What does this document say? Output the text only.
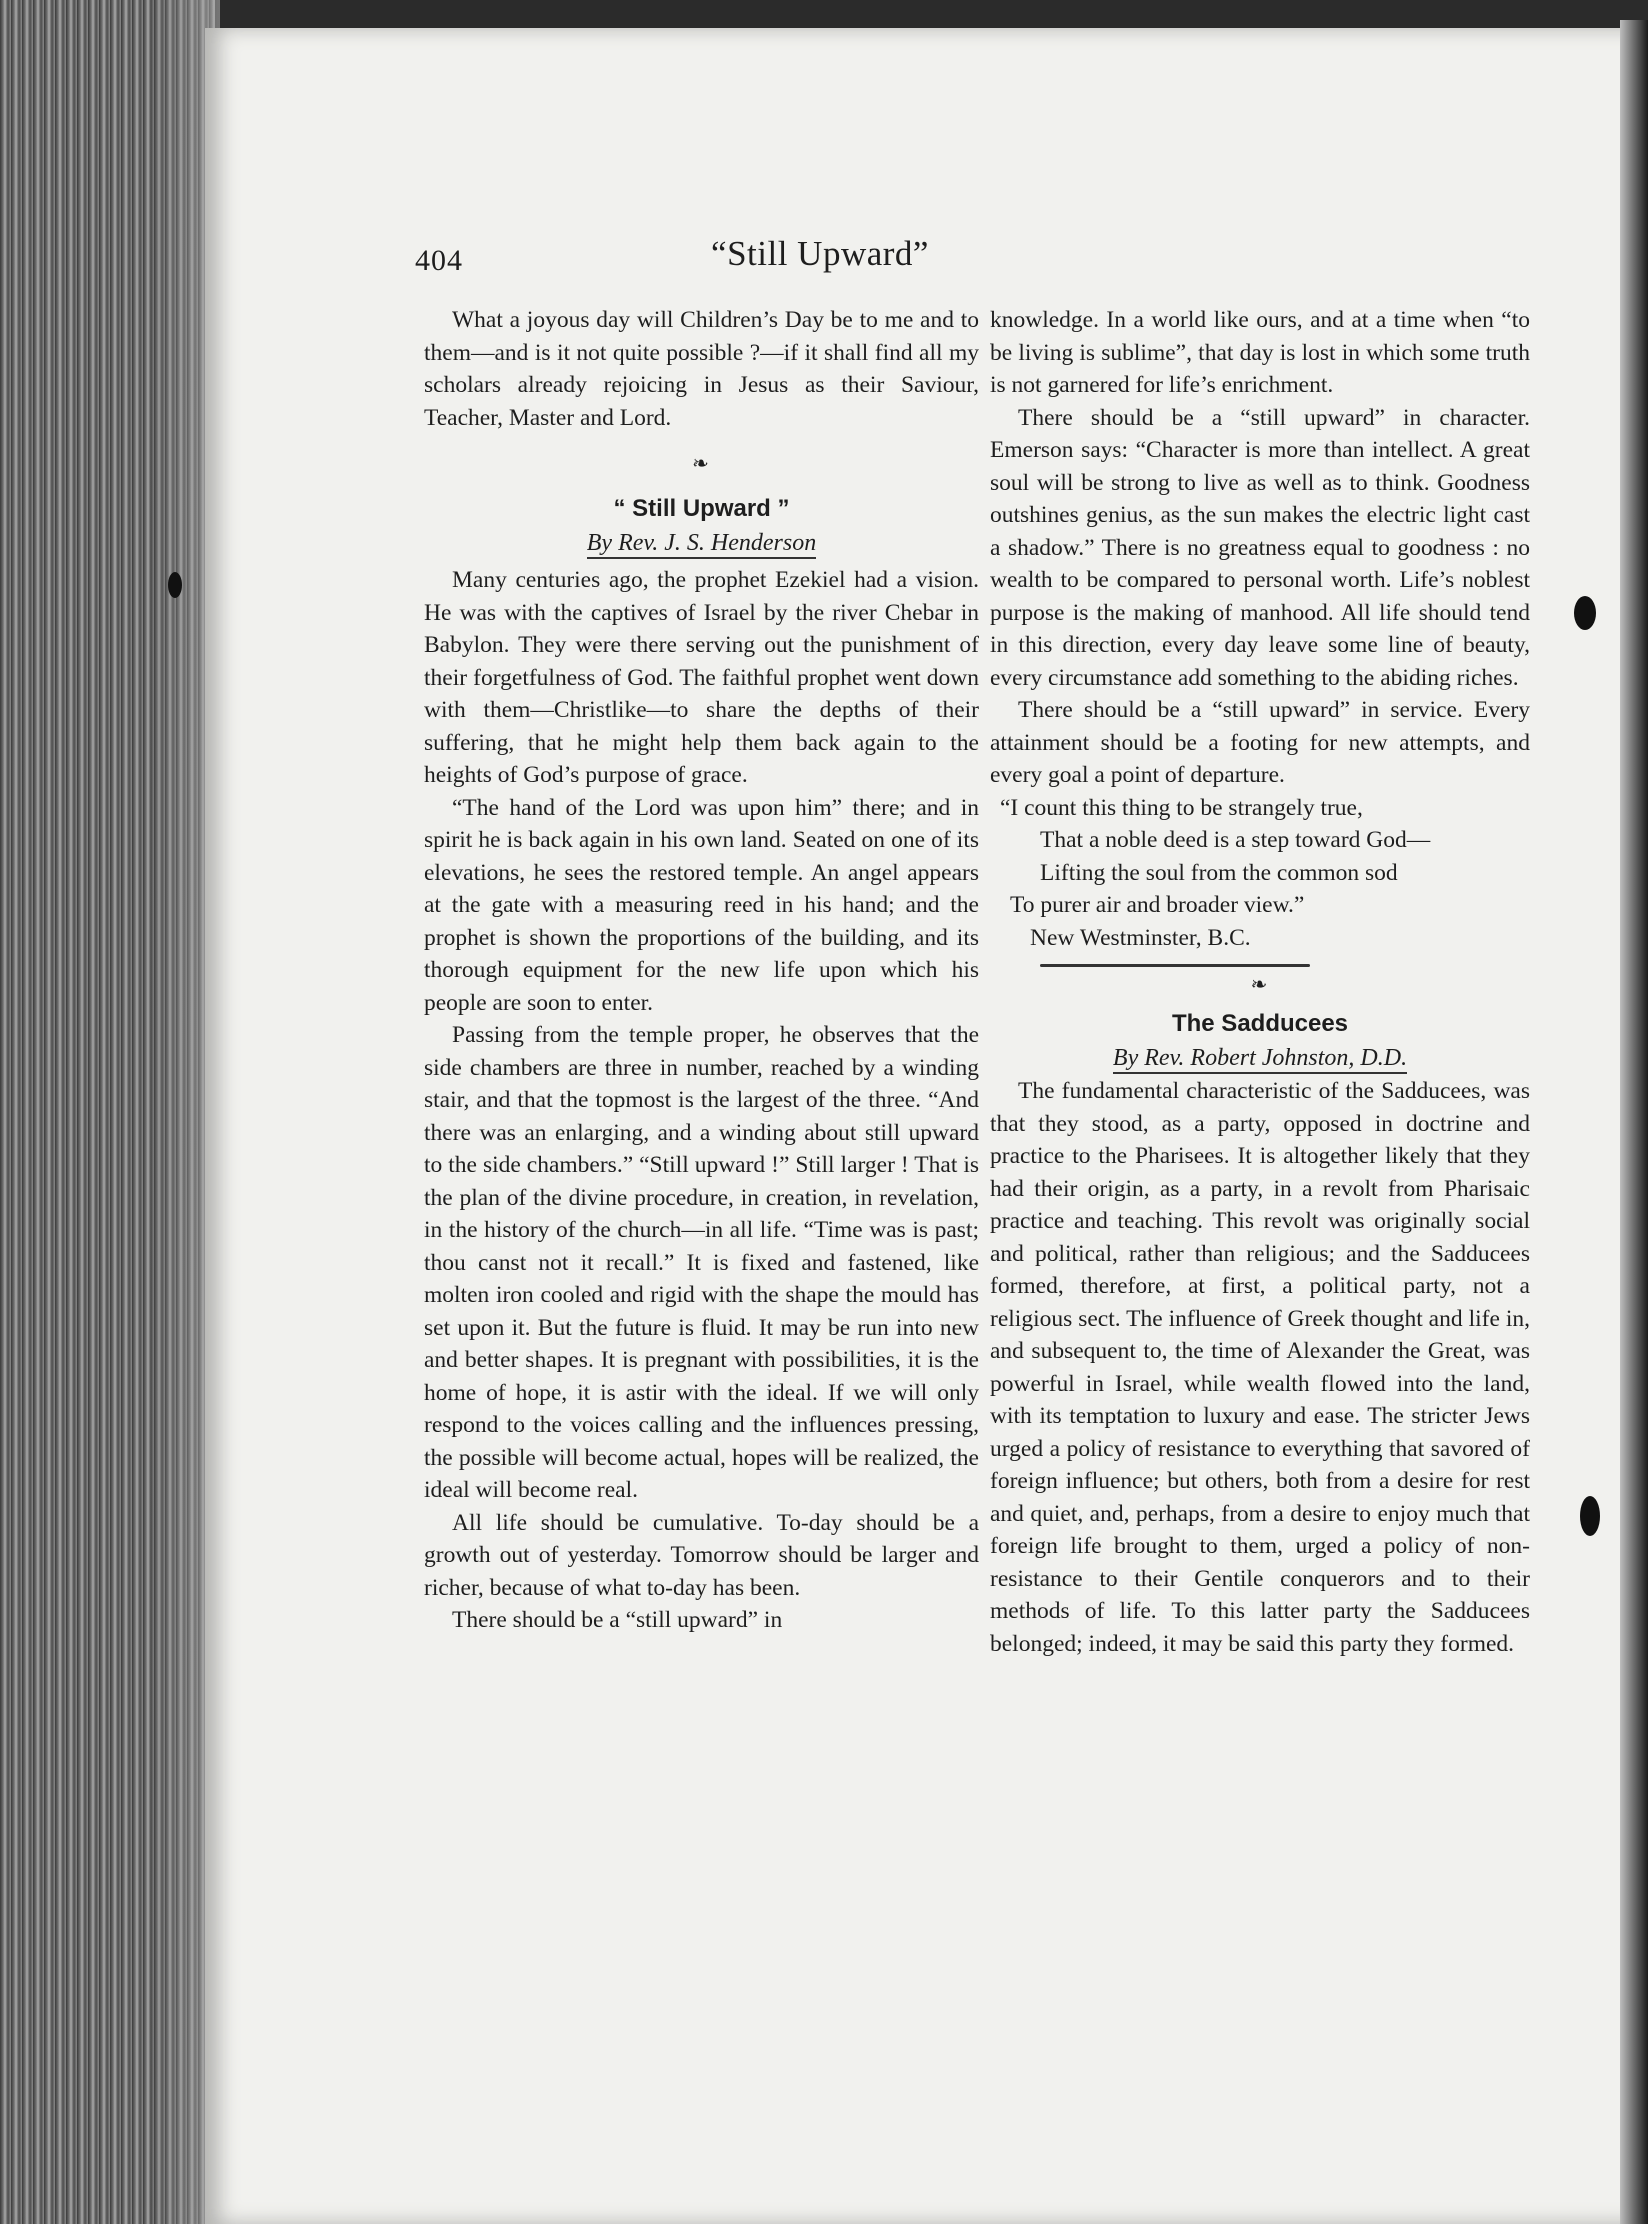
404	“Still Upward”

What a joyous day will Children’s Day be to me and to them—and is it not quite possible ?—if it shall find all my scholars already rejoicing in Jesus as their Saviour, Teacher, Master and Lord.

❧
“ Still Upward ”
By Rev. J. S. Henderson

Many centuries ago, the prophet Ezekiel had a vision. He was with the captives of Israel by the river Chebar in Babylon. They were there serving out the punishment of their forgetfulness of God. The faithful prophet went down with them—Christlike—to share the depths of their suffering, that he might help them back again to the heights of God’s purpose of grace.

“The hand of the Lord was upon him” there; and in spirit he is back again in his own land. Seated on one of its elevations, he sees the restored temple. An angel appears at the gate with a measuring reed in his hand; and the prophet is shown the proportions of the building, and its thorough equipment for the new life upon which his people are soon to enter.

Passing from the temple proper, he observes that the side chambers are three in number, reached by a winding stair, and that the topmost is the largest of the three. “And there was an enlarging, and a winding about still upward to the side chambers.” “Still upward !” Still larger ! That is the plan of the divine procedure, in creation, in revelation, in the history of the church—in all life. “Time was is past; thou canst not it recall.” It is fixed and fastened, like molten iron cooled and rigid with the shape the mould has set upon it. But the future is fluid. It may be run into new and better shapes. It is pregnant with possibilities, it is the home of hope, it is astir with the ideal. If we will only respond to the voices calling and the influences pressing, the possible will become actual, hopes will be realized, the ideal will become real.

All life should be cumulative. To-day should be a growth out of yesterday. Tomorrow should be larger and richer, because of what to-day has been.

There should be a “still upward” in

knowledge. In a world like ours, and at a time when “to be living is sublime”, that day is lost in which some truth is not garnered for life’s enrichment.

There should be a “still upward” in character. Emerson says: “Character is more than intellect. A great soul will be strong to live as well as to think. Goodness outshines genius, as the sun makes the electric light cast a shadow.” There is no greatness equal to goodness : no wealth to be compared to personal worth. Life’s noblest purpose is the making of manhood. All life should tend in this direction, every day leave some line of beauty, every circumstance add something to the abiding riches.

There should be a “still upward” in service. Every attainment should be a footing for new attempts, and every goal a point of departure.

“I count this thing to be strangely true,
That a noble deed is a step toward God—
Lifting the soul from the common sod
To purer air and broader view.”
New Westminster, B.C.
❧
The Sadducees
By Rev. Robert Johnston, D.D.

The fundamental characteristic of the Sadducees, was that they stood, as a party, opposed in doctrine and practice to the Pharisees. It is altogether likely that they had their origin, as a party, in a revolt from Pharisaic practice and teaching. This revolt was originally social and political, rather than religious; and the Sadducees formed, therefore, at first, a political party, not a religious sect. The influence of Greek thought and life in, and subsequent to, the time of Alexander the Great, was powerful in Israel, while wealth flowed into the land, with its temptation to luxury and ease. The stricter Jews urged a policy of resistance to everything that savored of foreign influence; but others, both from a desire for rest and quiet, and, perhaps, from a desire to enjoy much that foreign life brought to them, urged a policy of non-resistance to their Gentile conquerors and to their methods of life. To this latter party the Sadducees belonged; indeed, it may be said this party they formed.
